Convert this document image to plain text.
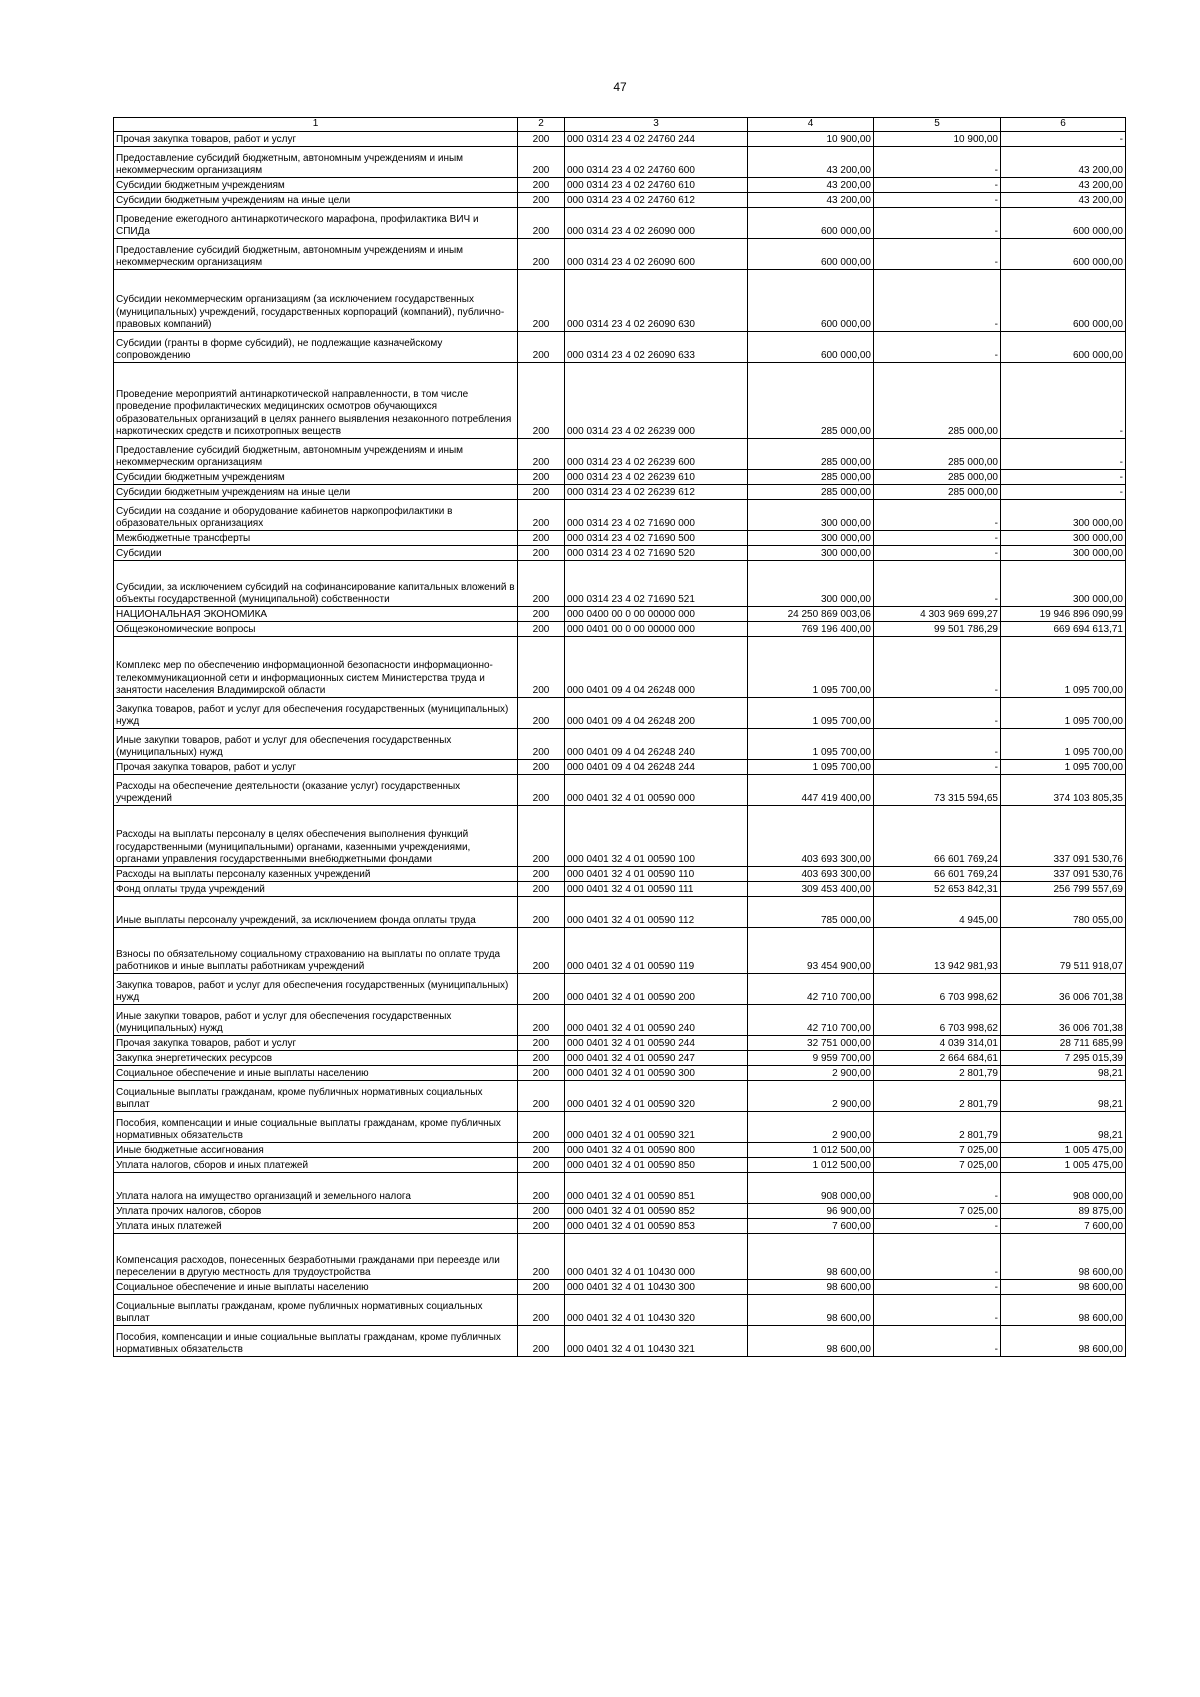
47
1	2	3	4	5	6
Прочая закупка товаров, работ и услуг	200	000 0314 23 4 02 24760 244	10 900,00	10 900,00	-
Предоставление субсидий бюджетным, автономным учреждениям и иным некоммерческим организациям	200	000 0314 23 4 02 24760 600	43 200,00	-	43 200,00
Субсидии бюджетным учреждениям	200	000 0314 23 4 02 24760 610	43 200,00	-	43 200,00
Субсидии бюджетным учреждениям на иные цели	200	000 0314 23 4 02 24760 612	43 200,00	-	43 200,00
Проведение ежегодного антинаркотического марафона, профилактика ВИЧ и СПИДа	200	000 0314 23 4 02 26090 000	600 000,00	-	600 000,00
Предоставление субсидий бюджетным, автономным учреждениям и иным некоммерческим организациям	200	000 0314 23 4 02 26090 600	600 000,00	-	600 000,00
Субсидии некоммерческим организациям (за исключением государственных (муниципальных) учреждений, государственных корпораций (компаний), публично-правовых компаний)	200	000 0314 23 4 02 26090 630	600 000,00	-	600 000,00
Субсидии (гранты в форме субсидий), не подлежащие казначейскому сопровождению	200	000 0314 23 4 02 26090 633	600 000,00	-	600 000,00
Проведение мероприятий антинаркотической направленности, в том числе проведение профилактических медицинских осмотров обучающихся образовательных организаций в целях раннего выявления незаконного потребления наркотических средств и психотропных веществ	200	000 0314 23 4 02 26239 000	285 000,00	285 000,00	-
Предоставление субсидий бюджетным, автономным учреждениям и иным некоммерческим организациям	200	000 0314 23 4 02 26239 600	285 000,00	285 000,00	-
Субсидии бюджетным учреждениям	200	000 0314 23 4 02 26239 610	285 000,00	285 000,00	-
Субсидии бюджетным учреждениям на иные цели	200	000 0314 23 4 02 26239 612	285 000,00	285 000,00	-
Субсидии на создание и оборудование кабинетов наркопрофилактики в образовательных организациях	200	000 0314 23 4 02 71690 000	300 000,00	-	300 000,00
Межбюджетные трансферты	200	000 0314 23 4 02 71690 500	300 000,00	-	300 000,00
Субсидии	200	000 0314 23 4 02 71690 520	300 000,00	-	300 000,00
Субсидии, за исключением субсидий на софинансирование капитальных вложений в объекты государственной (муниципальной) собственности	200	000 0314 23 4 02 71690 521	300 000,00	-	300 000,00
НАЦИОНАЛЬНАЯ ЭКОНОМИКА	200	000 0400 00 0 00 00000 000	24 250 869 003,06	4 303 969 699,27	19 946 896 090,99
Общеэкономические вопросы	200	000 0401 00 0 00 00000 000	769 196 400,00	99 501 786,29	669 694 613,71
Комплекс мер по обеспечению информационной безопасности информационно-телекоммуникационной сети и информационных систем Министерства труда и занятости населения Владимирской области	200	000 0401 09 4 04 26248 000	1 095 700,00	-	1 095 700,00
Закупка товаров, работ и услуг для обеспечения государственных (муниципальных) нужд	200	000 0401 09 4 04 26248 200	1 095 700,00	-	1 095 700,00
Иные закупки товаров, работ и услуг для обеспечения государственных (муниципальных) нужд	200	000 0401 09 4 04 26248 240	1 095 700,00	-	1 095 700,00
Прочая закупка товаров, работ и услуг	200	000 0401 09 4 04 26248 244	1 095 700,00	-	1 095 700,00
Расходы на обеспечение деятельности (оказание услуг) государственных учреждений	200	000 0401 32 4 01 00590 000	447 419 400,00	73 315 594,65	374 103 805,35
Расходы на выплаты персоналу в целях обеспечения выполнения функций государственными (муниципальными) органами, казенными учреждениями, органами управления государственными внебюджетными фондами	200	000 0401 32 4 01 00590 100	403 693 300,00	66 601 769,24	337 091 530,76
Расходы на выплаты персоналу казенных учреждений	200	000 0401 32 4 01 00590 110	403 693 300,00	66 601 769,24	337 091 530,76
Фонд оплаты труда учреждений	200	000 0401 32 4 01 00590 111	309 453 400,00	52 653 842,31	256 799 557,69
Иные выплаты персоналу учреждений, за исключением фонда оплаты труда	200	000 0401 32 4 01 00590 112	785 000,00	4 945,00	780 055,00
Взносы по обязательному социальному страхованию на выплаты по оплате труда работников и иные выплаты работникам учреждений	200	000 0401 32 4 01 00590 119	93 454 900,00	13 942 981,93	79 511 918,07
Закупка товаров, работ и услуг для обеспечения государственных (муниципальных) нужд	200	000 0401 32 4 01 00590 200	42 710 700,00	6 703 998,62	36 006 701,38
Иные закупки товаров, работ и услуг для обеспечения государственных (муниципальных) нужд	200	000 0401 32 4 01 00590 240	42 710 700,00	6 703 998,62	36 006 701,38
Прочая закупка товаров, работ и услуг	200	000 0401 32 4 01 00590 244	32 751 000,00	4 039 314,01	28 711 685,99
Закупка энергетических ресурсов	200	000 0401 32 4 01 00590 247	9 959 700,00	2 664 684,61	7 295 015,39
Социальное обеспечение и иные выплаты населению	200	000 0401 32 4 01 00590 300	2 900,00	2 801,79	98,21
Социальные выплаты гражданам, кроме публичных нормативных социальных выплат	200	000 0401 32 4 01 00590 320	2 900,00	2 801,79	98,21
Пособия, компенсации и иные социальные выплаты гражданам, кроме публичных нормативных обязательств	200	000 0401 32 4 01 00590 321	2 900,00	2 801,79	98,21
Иные бюджетные ассигнования	200	000 0401 32 4 01 00590 800	1 012 500,00	7 025,00	1 005 475,00
Уплата налогов, сборов и иных платежей	200	000 0401 32 4 01 00590 850	1 012 500,00	7 025,00	1 005 475,00
Уплата налога на имущество организаций и земельного налога	200	000 0401 32 4 01 00590 851	908 000,00	-	908 000,00
Уплата прочих налогов, сборов	200	000 0401 32 4 01 00590 852	96 900,00	7 025,00	89 875,00
Уплата иных платежей	200	000 0401 32 4 01 00590 853	7 600,00	-	7 600,00
Компенсация расходов, понесенных безработными гражданами при переезде или переселении в другую местность для трудоустройства	200	000 0401 32 4 01 10430 000	98 600,00	-	98 600,00
Социальное обеспечение и иные выплаты населению	200	000 0401 32 4 01 10430 300	98 600,00	-	98 600,00
Социальные выплаты гражданам, кроме публичных нормативных социальных выплат	200	000 0401 32 4 01 10430 320	98 600,00	-	98 600,00
Пособия, компенсации и иные социальные выплаты гражданам, кроме публичных нормативных обязательств	200	000 0401 32 4 01 10430 321	98 600,00	-	98 600,00
